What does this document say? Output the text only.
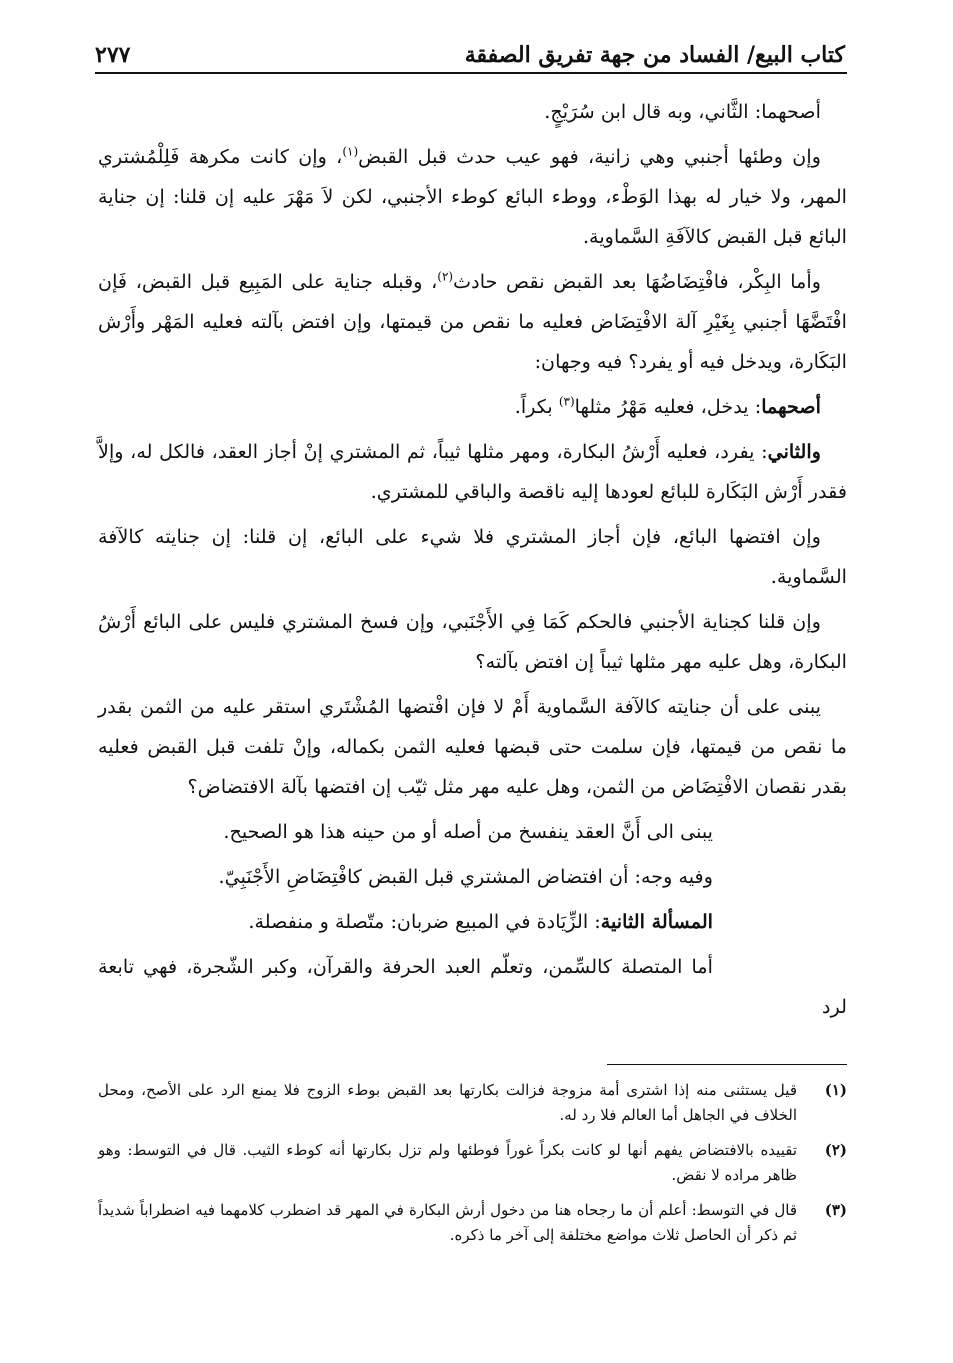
كتاب البيع/ الفساد من جهة تفريق الصفقة
٢٧٧

أصحهما: الثَّاني، وبه قال ابن سُرَيْجٍ.

وإن وطئها أجنبي وهي زانية، فهو عيب حدث قبل القبض$^{(١)}$، وإن كانت مكرهة فَلِلْمُشتري المهر، ولا خيار له بهذا الوَطْء، ووطء البائع كوطء الأجنبي، لكن لاَ مَهْرَ عليه إن قلنا: إن جناية البائع قبل القبض كالآفَةِ السَّماوية.

وأما البِكْر، فافْتِضَاضُهَا بعد القبض نقص حادث$^{(٢)}$، وقبله جناية على المَبِيع قبل القبض، فَإن افْتَضَّهَا أجنبي بِغَيْرِ آلة الافْتِضَاض فعليه ما نقص من قيمتها، وإن افتض بآلته فعليه المَهْر وأَرْش البَكَارة، ويدخل فيه أو يفرد؟ فيه وجهان:

أصحهما: يدخل، فعليه مَهْرُ مثلها$^{(٣)}$ بكراً.

والثاني: يفرد، فعليه أَرْشُ البكارة، ومهر مثلها ثيباً، ثم المشتري إنْ أجاز العقد، فالكل له، وإلاَّ فقدر أَرْش البَكَارة للبائع لعودها إليه ناقصة والباقي للمشتري.

وإن افتضها البائع، فإن أجاز المشتري فلا شيء على البائع، إن قلنا: إن جنايته كالآفة السَّماوية.

وإن قلنا كجناية الأجنبي فالحكم كَمَا فِي الأَجْنَبي، وإن فسخ المشتري فليس على البائع أَرْشُ البكارة، وهل عليه مهر مثلها ثيباً إن افتض بآلته؟

يبنى على أن جنايته كالآفة السَّماوية أَمْ لا فإن افْتضها المُشْتَري استقر عليه من الثمن بقدر ما نقص من قيمتها، فإن سلمت حتى قبضها فعليه الثمن بكماله، وإنْ تلفت قبل القبض فعليه بقدر نقصان الافْتِضَاض من الثمن، وهل عليه مهر مثل ثيّب إن افتضها بآلة الافتضاض؟

يبنى الى أَنَّ العقد ينفسخ من أصله أو من حينه هذا هو الصحيح.

وفيه وجه: أن افتضاض المشتري قبل القبض كافْتِضَاضِ الأَجْنَبِيّ.

المسألة الثانية: الزِّيَادة في المبيع ضربان: متّصلة و منفصلة.

أما المتصلة كالسِّمن، وتعلّم العبد الحرفة والقرآن، وكبر الشّجرة، فهي تابعة لرد

(١)
قيل يستثنى منه إذا اشترى أمة مزوجة فزالت بكارتها بعد القبض بوطء الزوج فلا يمنع الرد على الأصح، ومحل الخلاف في الجاهل أما العالم فلا رد له.
(٢)
تقييده بالافتضاض يفهم أنها لو كانت بكراً غوراً فوطئها ولم تزل بكارتها أنه كوطء الثيب. قال في التوسط: وهو ظاهر مراده لا نقض.
(٣)
قال في التوسط: أعلم أن ما رجحاه هنا من دخول أرش البكارة في المهر قد اضطرب كلامهما فيه اضطراباً شديداً ثم ذكر أن الحاصل ثلاث مواضع مختلفة إلى آخر ما ذكره.
